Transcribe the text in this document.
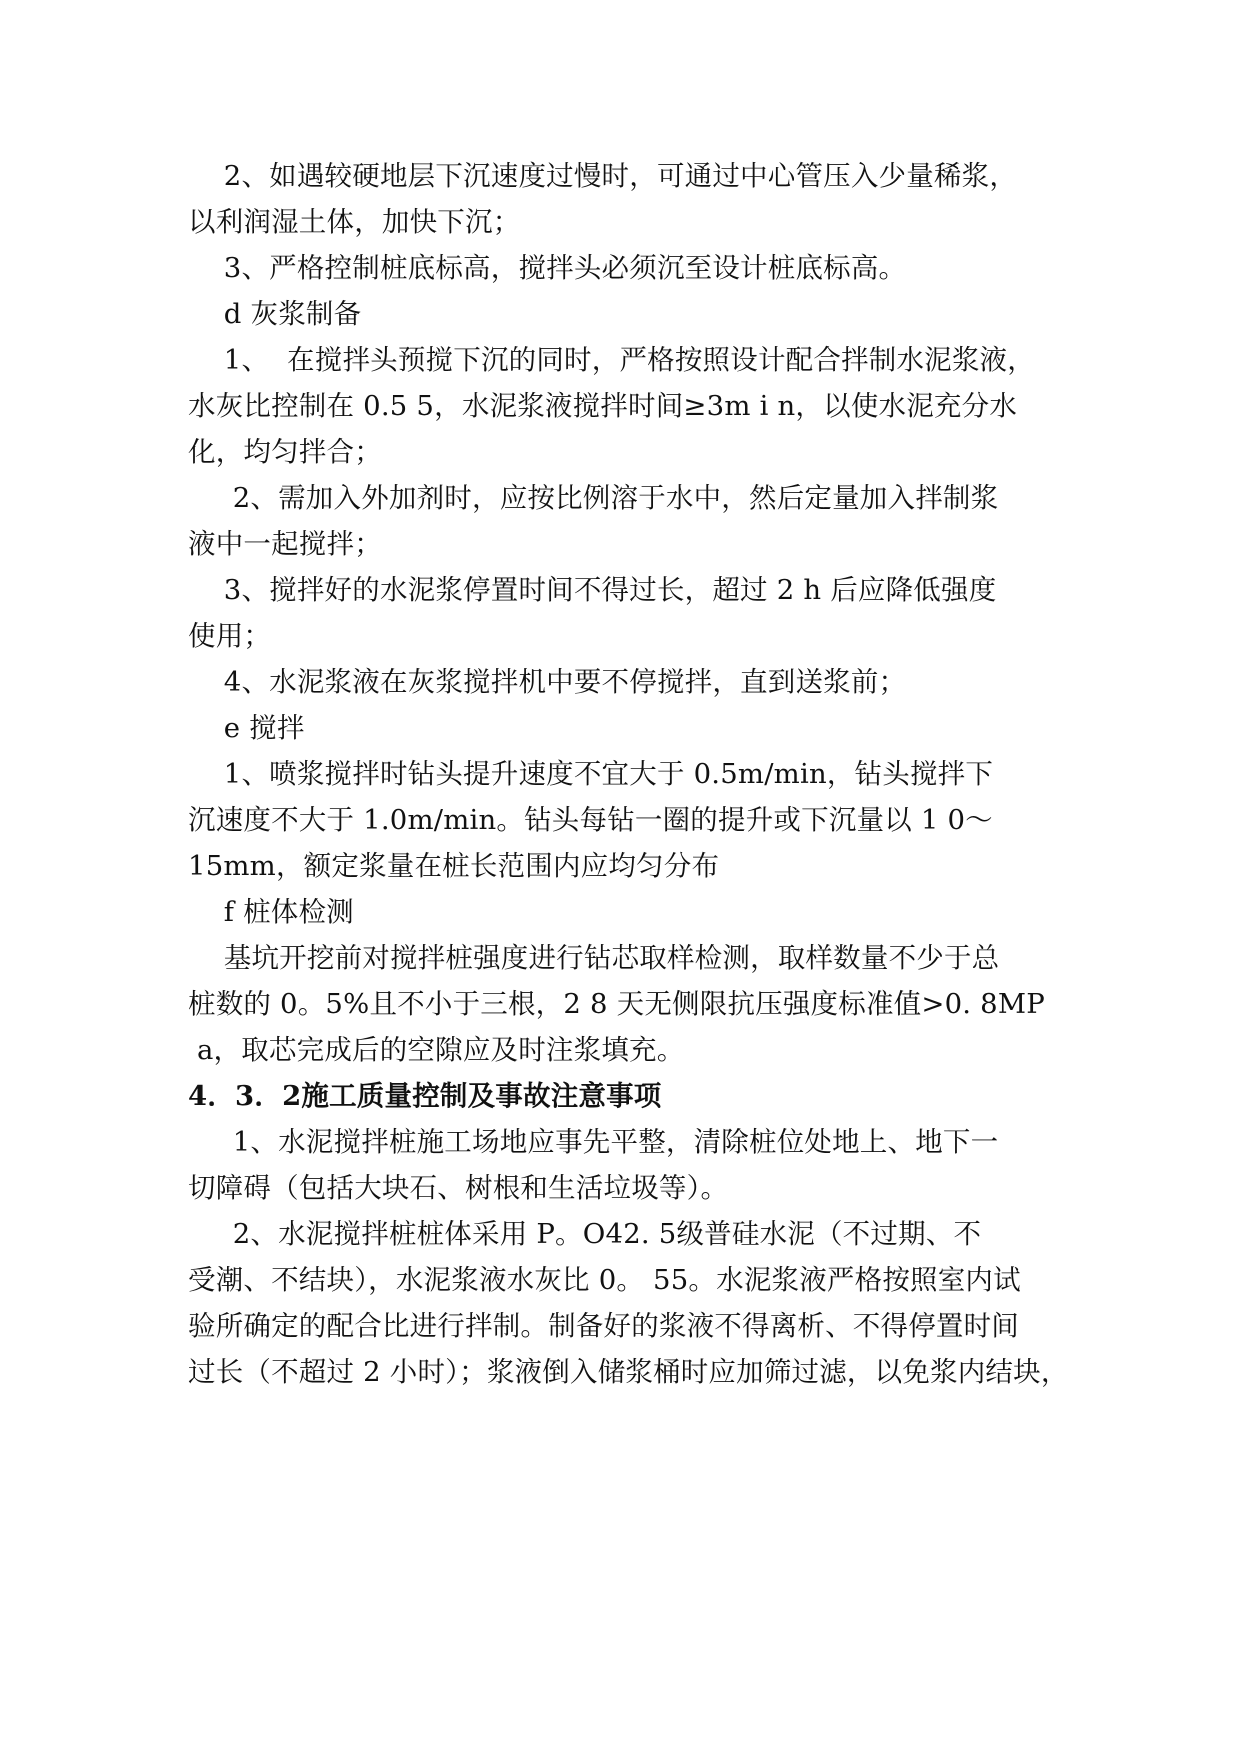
2、如遇较硬地层下沉速度过慢时，可通过中心管压入少量稀浆，
以利润湿土体，加快下沉；
3、严格控制桩底标高，搅拌头必须沉至设计桩底标高。
d 灰浆制备
1、  在搅拌头预搅下沉的同时，严格按照设计配合拌制水泥浆液，
水灰比控制在 0.5 5，水泥浆液搅拌时间≥3m i n，以使水泥充分水
化，均匀拌合；
2、需加入外加剂时，应按比例溶于水中，然后定量加入拌制浆
液中一起搅拌；
3、搅拌好的水泥浆停置时间不得过长，超过 2 h 后应降低强度
使用；
4、水泥浆液在灰浆搅拌机中要不停搅拌，直到送浆前；
e 搅拌
1、喷浆搅拌时钻头提升速度不宜大于 0.5m/min，钻头搅拌下
沉速度不大于 1.0m/min。钻头每钻一圈的提升或下沉量以 1 0～
15mm，额定浆量在桩长范围内应均匀分布
f 桩体检测
基坑开挖前对搅拌桩强度进行钻芯取样检测，取样数量不少于总
桩数的 0。5%且不小于三根，2 8 天无侧限抗压强度标准值>0. 8MP
a，取芯完成后的空隙应及时注浆填充。
4．3．2施工质量控制及事故注意事项
1、水泥搅拌桩施工场地应事先平整，清除桩位处地上、地下一
切障碍（包括大块石、树根和生活垃圾等）。
2、水泥搅拌桩桩体采用 P。O42. 5级普硅水泥（不过期、不
受潮、不结块），水泥浆液水灰比 0。 55。水泥浆液严格按照室内试
验所确定的配合比进行拌制。制备好的浆液不得离析、不得停置时间
过长（不超过 2 小时）；浆液倒入储浆桶时应加筛过滤，以免浆内结块，
